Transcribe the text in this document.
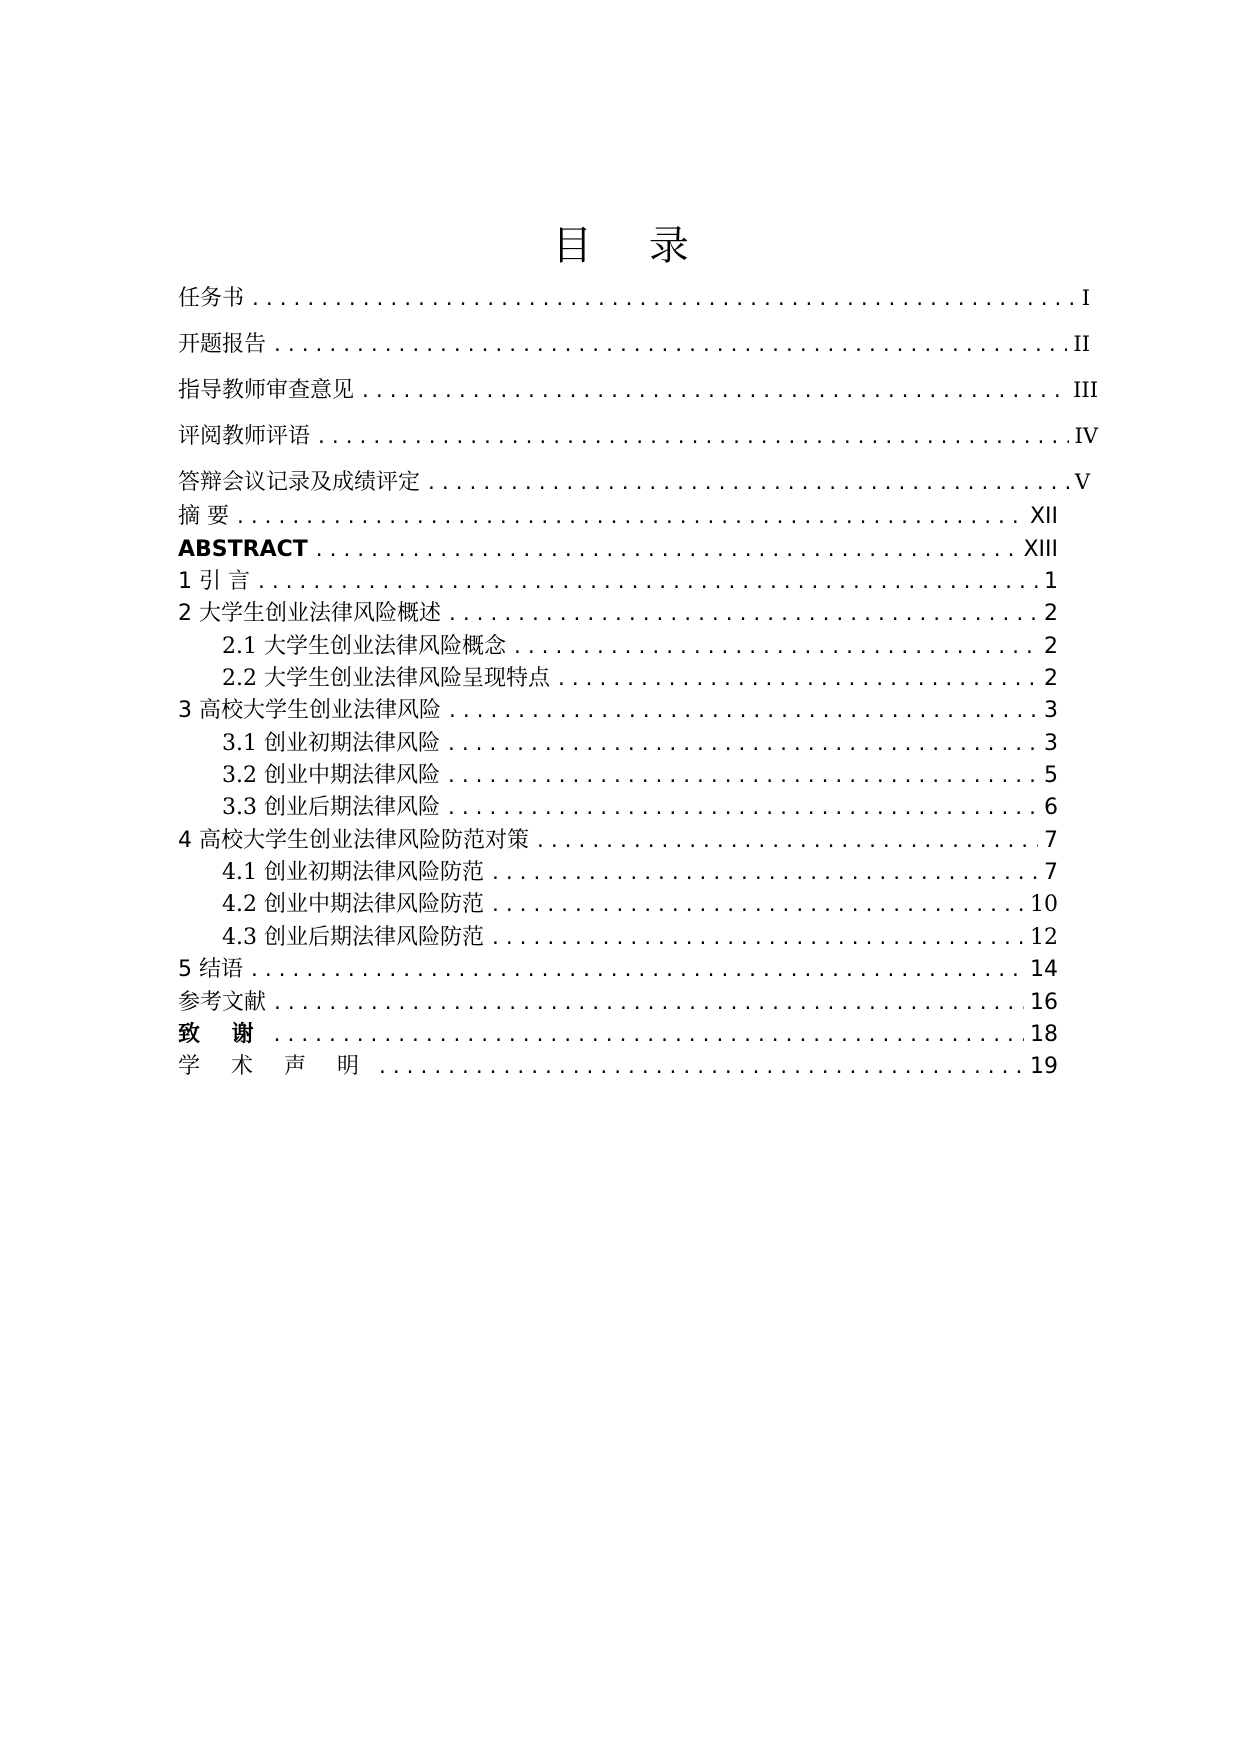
目 录
任务书 .....	I
开题报告 .....	II
指导教师审查意见 .....	III
评阅教师评语 .....	IV
答辩会议记录及成绩评定 .....	V
摘 要 .....	XII
ABSTRACT .....	XIII
1 引 言 .....	1
2 大学生创业法律风险概述 .....	2
2.1 大学生创业法律风险概念 .....	2
2.2 大学生创业法律风险呈现特点 .....	2
3 高校大学生创业法律风险 .....	3
3.1 创业初期法律风险 .....	3
3.2 创业中期法律风险 .....	5
3.3 创业后期法律风险 .....	6
4 高校大学生创业法律风险防范对策 .....	7
4.1 创业初期法律风险防范 .....	7
4.2 创业中期法律风险防范 .....	10
4.3 创业后期法律风险防范 .....	12
5 结语 .....	14
参考文献 .....	16
致 谢 .....	18
学 术 声 明 .....	19
